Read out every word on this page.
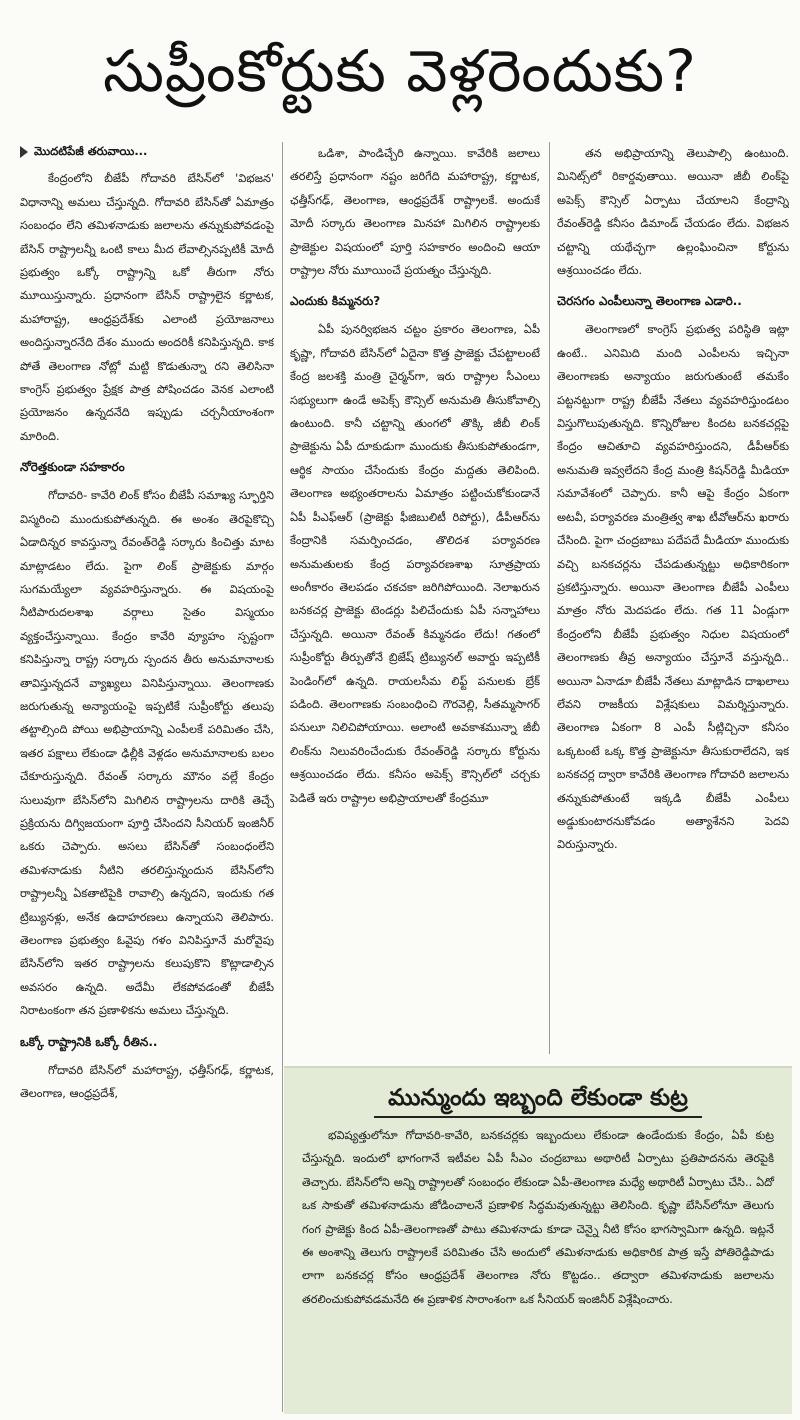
సుప్రీంకోర్టుకు వెళ్లరెందుకు?

మొదటిపేజీ తరువాయి...

కేంద్రంలోని బీజేపీ గోదావరి బేసిన్‌లో 'విభజన' విధానాన్ని అమలు చేస్తున్నది. గోదావరి బేసిన్‌తో ఏమాత్రం సంబంధం లేని తమిళనాడుకు జలాలను తన్నుకుపోవడంపై బేసిన్ రాష్ట్రాలన్నీ ఒంటి కాలు మీద లేవాల్సినప్పటికీ మోదీ ప్రభుత్వం ఒక్కో రాష్ట్రాన్ని ఒకో తీరుగా నోరు మూయిస్తున్నారు. ప్రధానంగా బేసిన్ రాష్ట్రాలైన కర్ణాటక, మహారాష్ట్ర, ఆంధ్రప్రదేశ్‌కు ఎలాంటి ప్రయోజనాలు అందిస్తున్నారనేది దేశం ముందు అందరికీ కనిపిస్తున్నది. కాక పోతే తెలంగాణ నోట్లో మట్టి కొడుతున్నా రని తెలిసినా కాంగ్రెస్ ప్రభుత్వం ప్రేక్షక పాత్ర పోషించడం వెనక ఎలాంటి ప్రయోజనం ఉన్నదనేది ఇప్పుడు చర్చనీయాంశంగా మారింది.

నోరెత్తకుండా సహకారం

గోదావరి- కావేరి లింక్ కోసం బీజేపీ సమాఖ్య స్ఫూర్తిని విస్మరించి ముందుకుపోతున్నది. ఈ అంశం తెరపైకొచ్చి ఏడాదిన్నర కావస్తున్నా రేవంత్‌రెడ్డి సర్కారు కించిత్తు మాట మాట్లాడటం లేదు. పైగా లింక్ ప్రాజెక్టుకు మార్గం సుగమయ్యేలా వ్యవహరిస్తున్నారు. ఈ విషయంపై నీటిపారుదలశాఖ వర్గాలు సైతం విస్మయం వ్యక్తంచేస్తున్నాయి. కేంద్రం కావేరి వ్యూహం స్పష్టంగా కనిపిస్తున్నా రాష్ట్ర సర్కారు స్పందన తీరు అనుమానాలకు తావిస్తున్నదనే వ్యాఖ్యలు వినిపిస్తున్నాయి. తెలంగాణకు జరుగుతున్న అన్యాయంపై ఇప్పటికే సుప్రీంకోర్టు తలుపు తట్టాల్సింది పోయి అభిప్రాయాన్ని ఎంపీలకే పరిమితం చేసి, ఇతర పక్షాలు లేకుండా ఢిల్లీకి వెళ్లడం అనుమానాలకు బలం చేకూరుస్తున్నది. రేవంత్ సర్కారు మౌనం వల్లే కేంద్రం సులువుగా బేసిన్‌లోని మిగిలిన రాష్ట్రాలను దారికి తెచ్చే ప్రక్రియను దిగ్విజయంగా పూర్తి చేసిందని సీనియర్ ఇంజినీర్ ఒకరు చెప్పారు. అసలు బేసిన్‌తో సంబంధంలేని తమిళనాడుకు నీటిని తరలిస్తున్నందున బేసిన్‌లోని రాష్ట్రాలన్నీ ఏకతాటిపైకి రావాల్సి ఉన్నదని, ఇందుకు గత ట్రిబ్యునళ్లు, అనేక ఉదాహరణలు ఉన్నాయని తెలిపారు. తెలంగాణ ప్రభుత్వం ఓవైపు గళం వినిపిస్తూనే మరోవైపు బేసిన్‌లోని ఇతర రాష్ట్రాలను కలుపుకొని కొట్లాడాల్సిన అవసరం ఉన్నది. అదేమీ లేకపోవడంతో బీజేపీ నిరాటంకంగా తన ప్రణాళికను అమలు చేస్తున్నది.

ఒక్కో రాష్ట్రానికి ఒక్కో రీతిన..

గోదావరి బేసిన్‌లో మహారాష్ట్ర, ఛత్తీస్‌గఢ్, కర్ణాటక, తెలంగాణ, ఆంధ్రప్రదేశ్,

ఒడిశా, పాండిచ్చేరి ఉన్నాయి. కావేరికి జలాలు తరలిస్తే ప్రధానంగా నష్టం జరిగేది మహారాష్ట్ర, కర్ణాటక, ఛత్తీస్‌గఢ్, తెలంగాణ, ఆంధ్రప్రదేశ్ రాష్ట్రాలకే. అందుకే మోదీ సర్కారు తెలంగాణ మినహా మిగిలిన రాష్ట్రాలకు ప్రాజెక్టుల విషయంలో పూర్తి సహకారం అందించి ఆయా రాష్ట్రాల నోరు మూయించే ప్రయత్నం చేస్తున్నది.

ఎందుకు కిమ్మనరు?

ఏపీ పునర్విభజన చట్టం ప్రకారం తెలంగాణ, ఏపీ కృష్ణా, గోదావరి బేసిన్‌లో ఏదైనా కొత్త ప్రాజెక్టు చేపట్టాలంటే కేంద్ర జలశక్తి మంత్రి చైర్మన్‌గా, ఇరు రాష్ట్రాల సీఎంలు సభ్యులుగా ఉండే అపెక్స్ కౌన్సిల్ అనుమతి తీసుకోవాల్సి ఉంటుంది. కానీ చట్టాన్ని తుంగలో తొక్కి జీబీ లింక్ ప్రాజెక్టును ఏపీ దూకుడుగా ముందుకు తీసుకుపోతుండగా, ఆర్థిక సాయం చేసేందుకు కేంద్రం మద్దతు తెలిపింది. తెలంగాణ అభ్యంతరాలను ఏమాత్రం పట్టించుకోకుండానే ఏపీ పీఎఫ్ఆర్ (ప్రాజెక్టు ఫీజిబులిటీ రిపోర్టు), డీపీఆర్‌ను కేంద్రానికి సమర్పించడం, తొలిదశ పర్యావరణ అనుమతులకు కేంద్ర పర్యావరణశాఖ సూత్రప్రాయ అంగీకారం తెలపడం చకచకా జరిగిపోయింది. నెలాఖరున బనకచర్ల ప్రాజెక్టు టెండర్లు పిలిచేందుకు ఏపీ సన్నాహాలు చేస్తున్నది. అయినా రేవంత్ కిమ్మనడం లేదు! గతంలో సుప్రీంకోర్టు తీర్పుతోనే బ్రిజేష్ ట్రిబ్యునల్ అవార్డు ఇప్పటికీ పెండింగ్‌లో ఉన్నది. రాయలసీమ లిఫ్ట్ పనులకు బ్రేక్ పడింది. తెలంగాణకు సంబంధించి గౌరవెల్లి, సీతమ్మసాగర్ పనులూ నిలిచిపోయాయి. అలాంటి అవకాశమున్నా జీబీ లింక్‌ను నిలువరించేందుకు రేవంత్‌రెడ్డి సర్కారు కోర్టును ఆశ్రయించడం లేదు. కనీసం అపెక్స్ కౌన్సిల్‌లో చర్చకు పెడితే ఇరు రాష్ట్రాల అభిప్రాయాలతో కేంద్రమూ

తన అభిప్రాయాన్ని తెలుపాల్సి ఉంటుంది. మినిట్స్‌లో రికార్డవుతాయి. అయినా జీబీ లింక్‌పై అపెక్స్ కౌన్సిల్ ఏర్పాటు చేయాలని కేంద్రాన్ని రేవంత్‌రెడ్డి కనీసం డిమాండ్ చేయడం లేదు. విభజన చట్టాన్ని యథేచ్ఛగా ఉల్లంఘించినా కోర్టును ఆశ్రయించడం లేదు.

చెరసగం ఎంపీలున్నా తెలంగాణ ఎడారి..

తెలంగాణలో కాంగ్రెస్ ప్రభుత్వ పరిస్థితి ఇట్లా ఉంటే.. ఎనిమిది మంది ఎంపీలను ఇచ్చినా తెలంగాణకు అన్యాయం జరుగుతుంటే తమకేం పట్టనట్టుగా రాష్ట్ర బీజేపీ నేతలు వ్యవహరిస్తుండటం విస్తుగొలుపుతున్నది. కొన్నిరోజుల కిందట బనకచర్లపై కేంద్రం ఆచితూచి వ్యవహరిస్తుందని, డీపీఆర్‌కు అనుమతి ఇవ్వలేదని కేంద్ర మంత్రి కిషన్‌రెడ్డి మీడియా సమావేశంలో చెప్పారు. కానీ ఆపై కేంద్రం ఏకంగా అటవీ, పర్యావరణ మంత్రిత్వ శాఖ టీవోఆర్‌ను ఖరారు చేసింది. పైగా చంద్రబాబు పదేపదే మీడియా ముందుకు వచ్చి బనకచర్లను చేపడుతున్నట్టు అధికారికంగా ప్రకటిస్తున్నారు. అయినా తెలంగాణ బీజేపీ ఎంపీలు మాత్రం నోరు మెదపడం లేదు. గత 11 ఏండ్లుగా కేంద్రంలోని బీజేపీ ప్రభుత్వం నిధుల విషయంలో తెలంగాణకు తీవ్ర అన్యాయం చేస్తూనే వస్తున్నది.. అయినా ఏనాడూ బీజేపీ నేతలు మాట్లాడిన దాఖలాలు లేవని రాజకీయ విశ్లేషకులు విమర్శిస్తున్నారు. తెలంగాణ ఏకంగా 8 ఎంపీ సీట్లిచ్చినా కనీసం ఒక్కటంటే ఒక్క కొత్త ప్రాజెక్టునూ తీసుకురాలేదని, ఇక బనకచర్ల ద్వారా కావేరికి తెలంగాణ గోదావరి జలాలను తన్నుకుపోతుంటే ఇక్కడి బీజేపీ ఎంపీలు అడ్డుకుంటారనుకోవడం అత్యాశేనని పెదవి విరుస్తున్నారు.

మున్ముందు ఇబ్బంది లేకుండా కుట్ర
భవిష్యత్తులోనూ గోదావరి-కావేరి, బనకచర్లకు ఇబ్బందులు లేకుండా ఉండేందుకు కేంద్రం, ఏపీ కుట్ర చేస్తున్నది. ఇందులో భాగంగానే ఇటీవల ఏపీ సీఎం చంద్రబాబు అథారిటీ ఏర్పాటు ప్రతిపాదనను తెరపైకి తెచ్చారు. బేసిన్‌లోని అన్ని రాష్ట్రాలతో సంబంధం లేకుండా ఏపీ-తెలంగాణ మధ్యే అథారిటీ ఏర్పాటు చేసి.. ఏదో ఒక సాకుతో తమిళనాడును జోడించాలనే ప్రణాళిక సిద్ధమవుతున్నట్టు తెలిసింది. కృష్ణా బేసిన్‌లోనూ తెలుగు గంగ ప్రాజెక్టు కింద ఏపీ-తెలంగాణతో పాటు తమిళనాడు కూడా చెన్నై నీటి కోసం భాగస్వామిగా ఉన్నది. ఇట్లనే ఈ అంశాన్ని తెలుగు రాష్ట్రాలకే పరిమితం చేసి అందులో తమిళనాడుకు అధికారిక పాత్ర ఇస్తే పోతిరెడ్డిపాడు లాగా బనకచర్ల కోసం ఆంధ్రప్రదేశ్ తెలంగాణ నోరు కొట్టడం.. తద్వారా తమిళనాడుకు జలాలను తరలించుకుపోవడమనేది ఈ ప్రణాళిక సారాంశంగా ఒక సీనియర్ ఇంజినీర్ విశ్లేషించారు.
